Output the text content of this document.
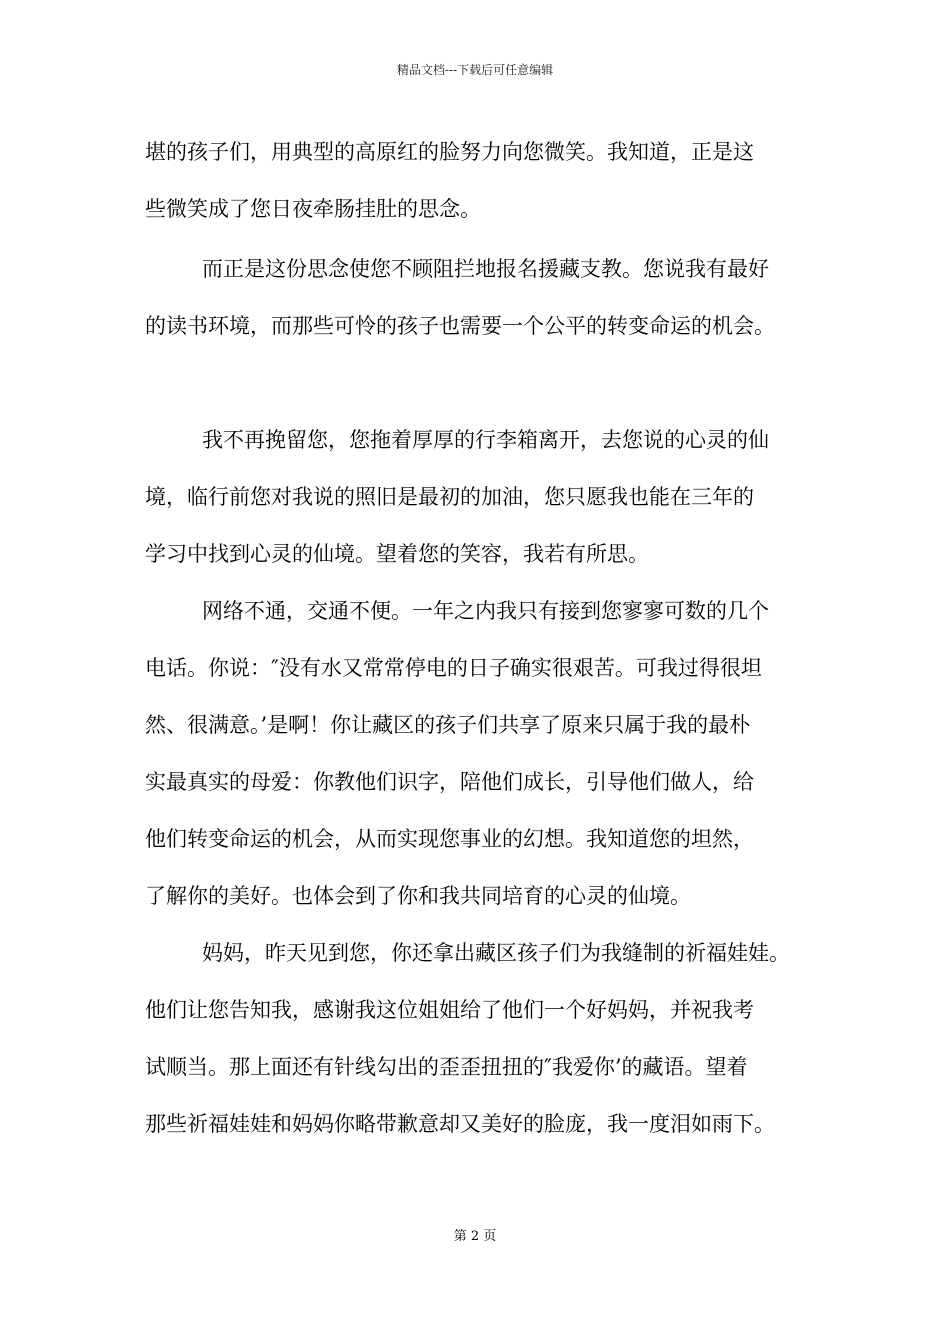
精品文档---下载后可任意编辑
堪的孩子们，用典型的高原红的脸努力向您微笑。我知道，正是这
些微笑成了您日夜牵肠挂肚的思念。
而正是这份思念使您不顾阻拦地报名援藏支教。您说我有最好
的读书环境，而那些可怜的孩子也需要一个公平的转变命运的机会。
我不再挽留您，您拖着厚厚的行李箱离开，去您说的心灵的仙
境，临行前您对我说的照旧是最初的加油，您只愿我也能在三年的
学习中找到心灵的仙境。望着您的笑容，我若有所思。
网络不通，交通不便。一年之内我只有接到您寥寥可数的几个
电话。你说：″没有水又常常停电的日子确实很艰苦。可我过得很坦
然、很满意。’是啊！你让藏区的孩子们共享了原来只属于我的最朴
实最真实的母爱：你教他们识字，陪他们成长，引导他们做人，给
他们转变命运的机会，从而实现您事业的幻想。我知道您的坦然，
了解你的美好。也体会到了你和我共同培育的心灵的仙境。
妈妈，昨天见到您，你还拿出藏区孩子们为我缝制的祈福娃娃。
他们让您告知我，感谢我这位姐姐给了他们一个好妈妈，并祝我考
试顺当。那上面还有针线勾出的歪歪扭扭的″我爱你’的藏语。望着
那些祈福娃娃和妈妈你略带歉意却又美好的脸庞，我一度泪如雨下。
第 2 页
